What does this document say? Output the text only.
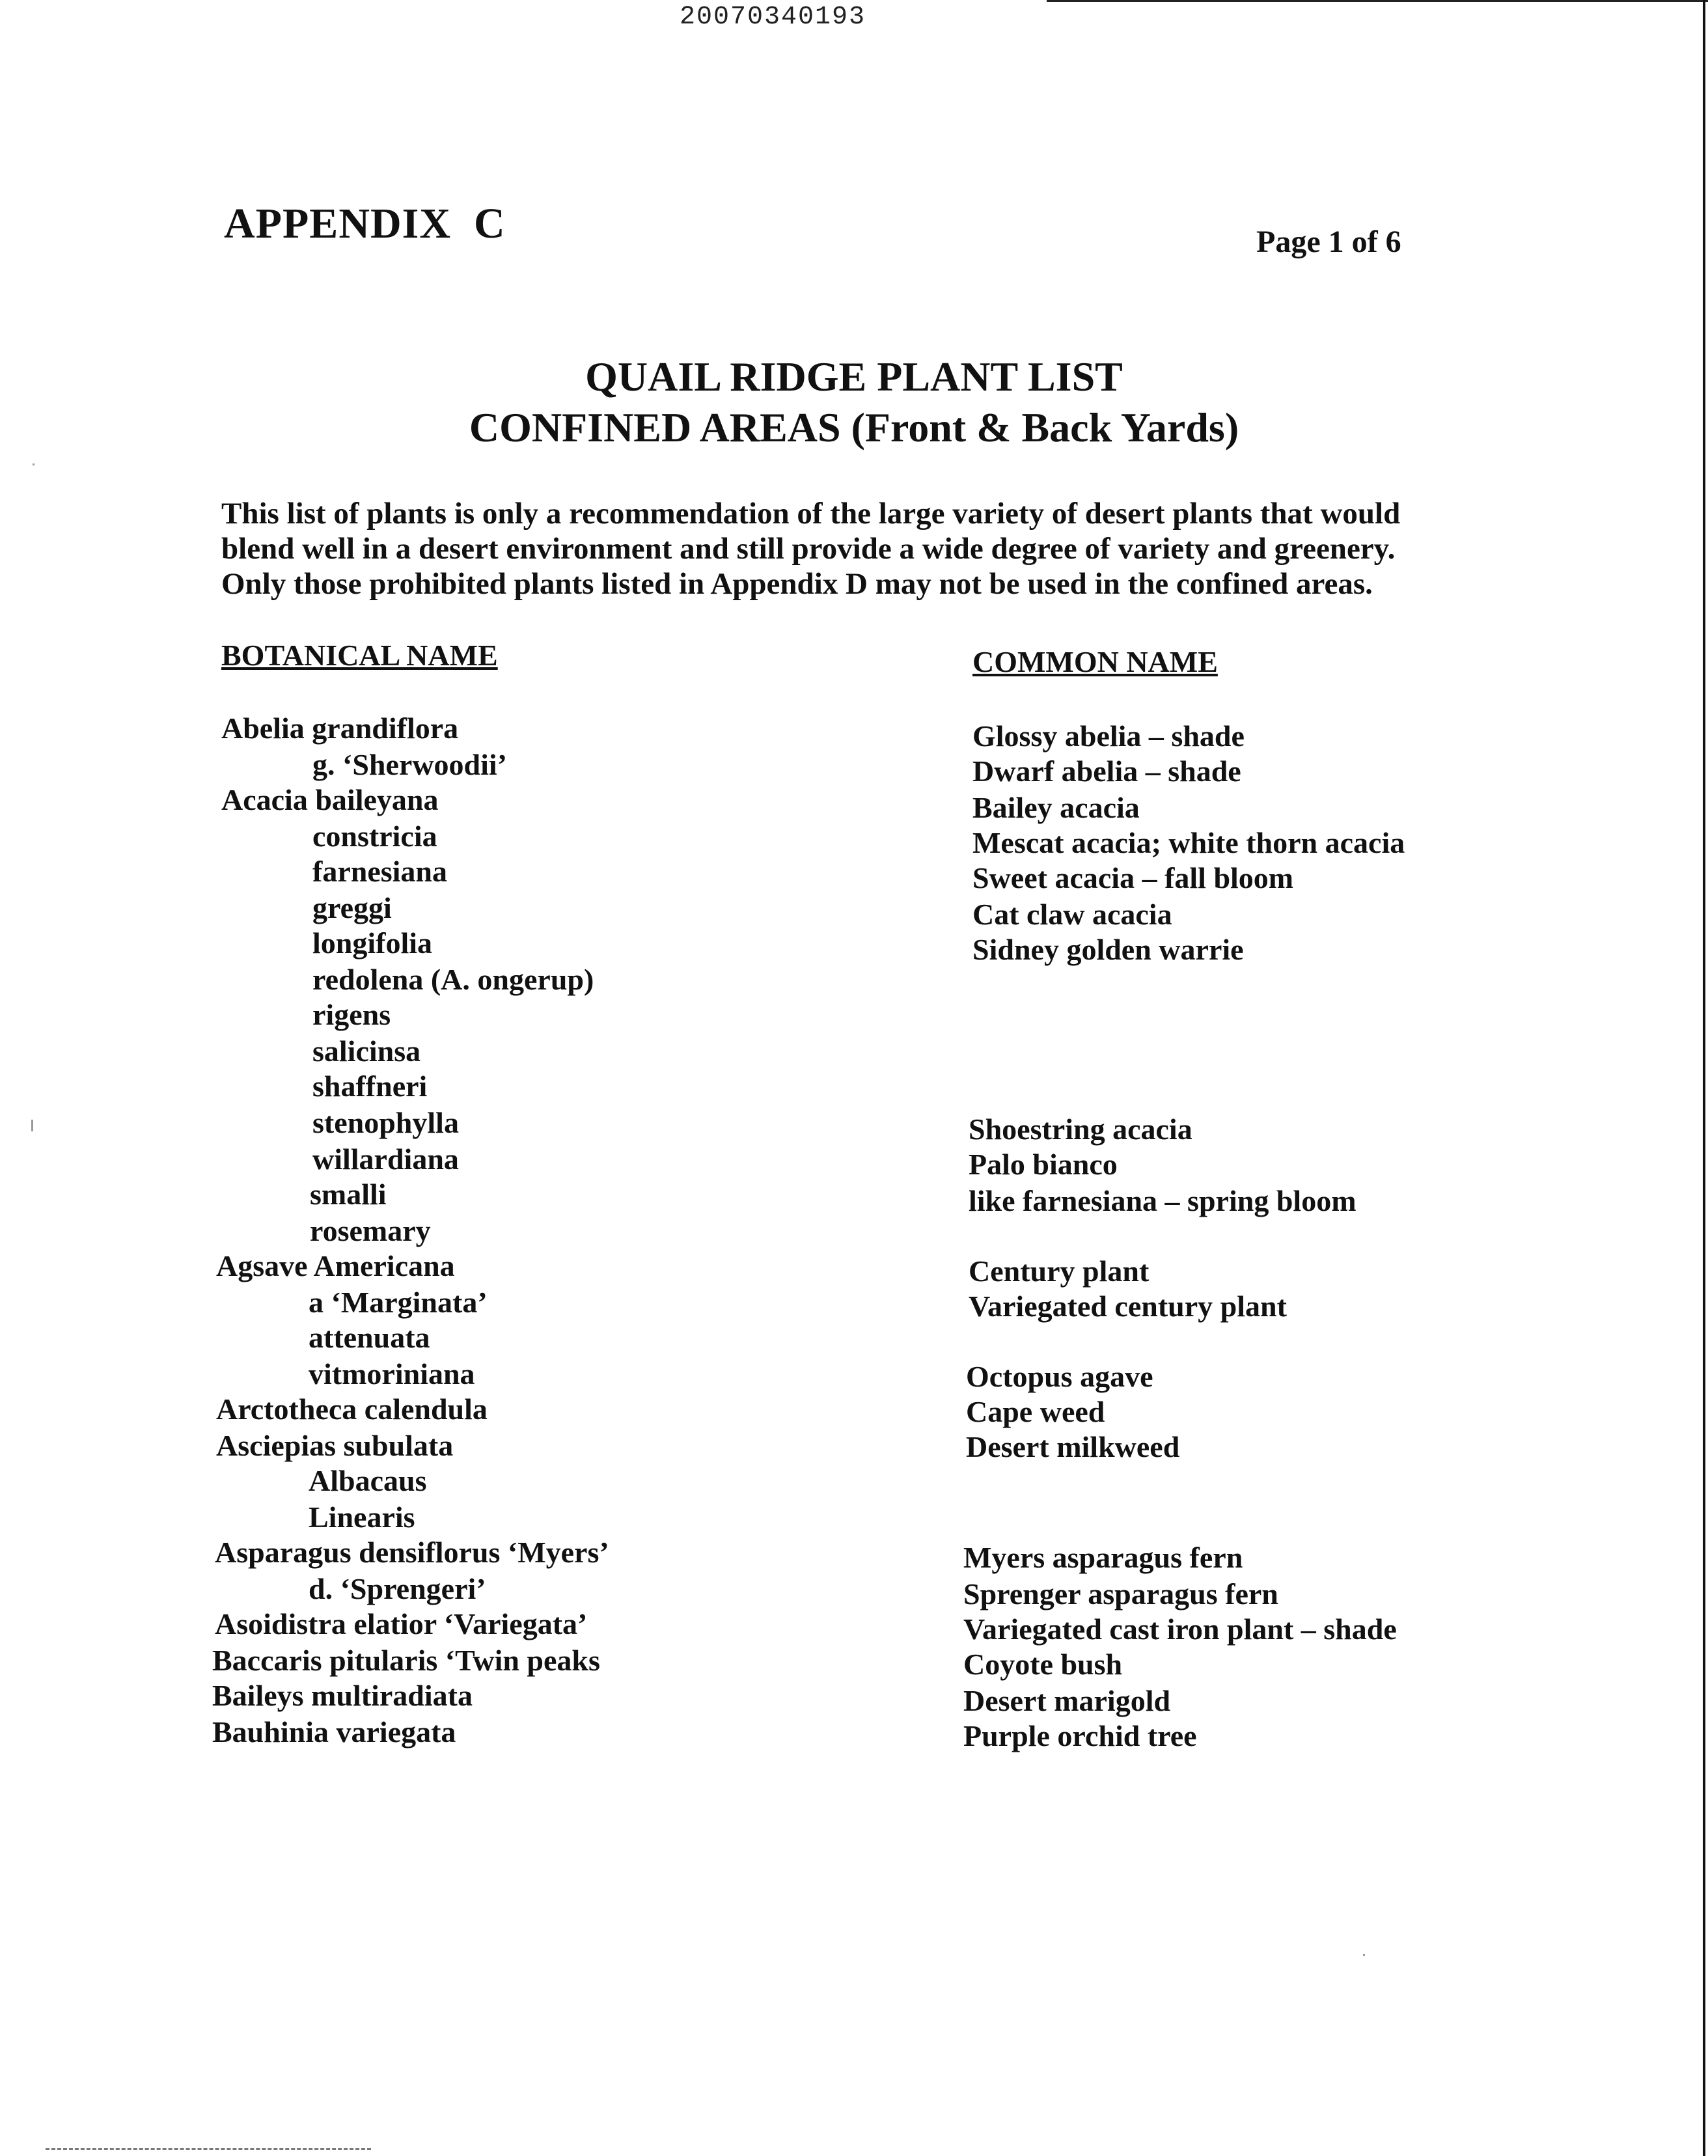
20070340193
APPENDIX  C	Page 1 of 6
QUAIL RIDGE PLANT LIST
CONFINED AREAS (Front & Back Yards)
This list of plants is only a recommendation of the large variety of desert plants that would
blend well in a desert environment and still provide a wide degree of variety and greenery.
Only those prohibited plants listed in Appendix D may not be used in the confined areas.
BOTANICAL NAME	COMMON NAME
Abelia grandiflora
g. ‘Sherwoodii’
Acacia baileyana
constricia
farnesiana
greggi
longifolia
redolena (A. ongerup)
rigens
salicinsa
shaffneri
stenophylla
willardiana
smalli
rosemary
Agsave Americana
a ‘Marginata’
attenuata
vitmoriniana
Arctotheca calendula
Asciepias subulata
Albacaus
Linearis
Asparagus densiflorus ‘Myers’
d. ‘Sprengeri’
Asoidistra elatior ‘Variegata’
Baccaris pitularis ‘Twin peaks
Baileys multiradiata
Bauhinia variegata
Glossy abelia – shade
Dwarf abelia – shade
Bailey acacia
Mescat acacia; white thorn acacia
Sweet acacia – fall bloom
Cat claw acacia
Sidney golden warrie
Shoestring acacia
Palo bianco
like farnesiana – spring bloom
Century plant
Variegated century plant
Octopus agave
Cape weed
Desert milkweed
Myers asparagus fern
Sprenger asparagus fern
Variegated cast iron plant – shade
Coyote bush
Desert marigold
Purple orchid tree
